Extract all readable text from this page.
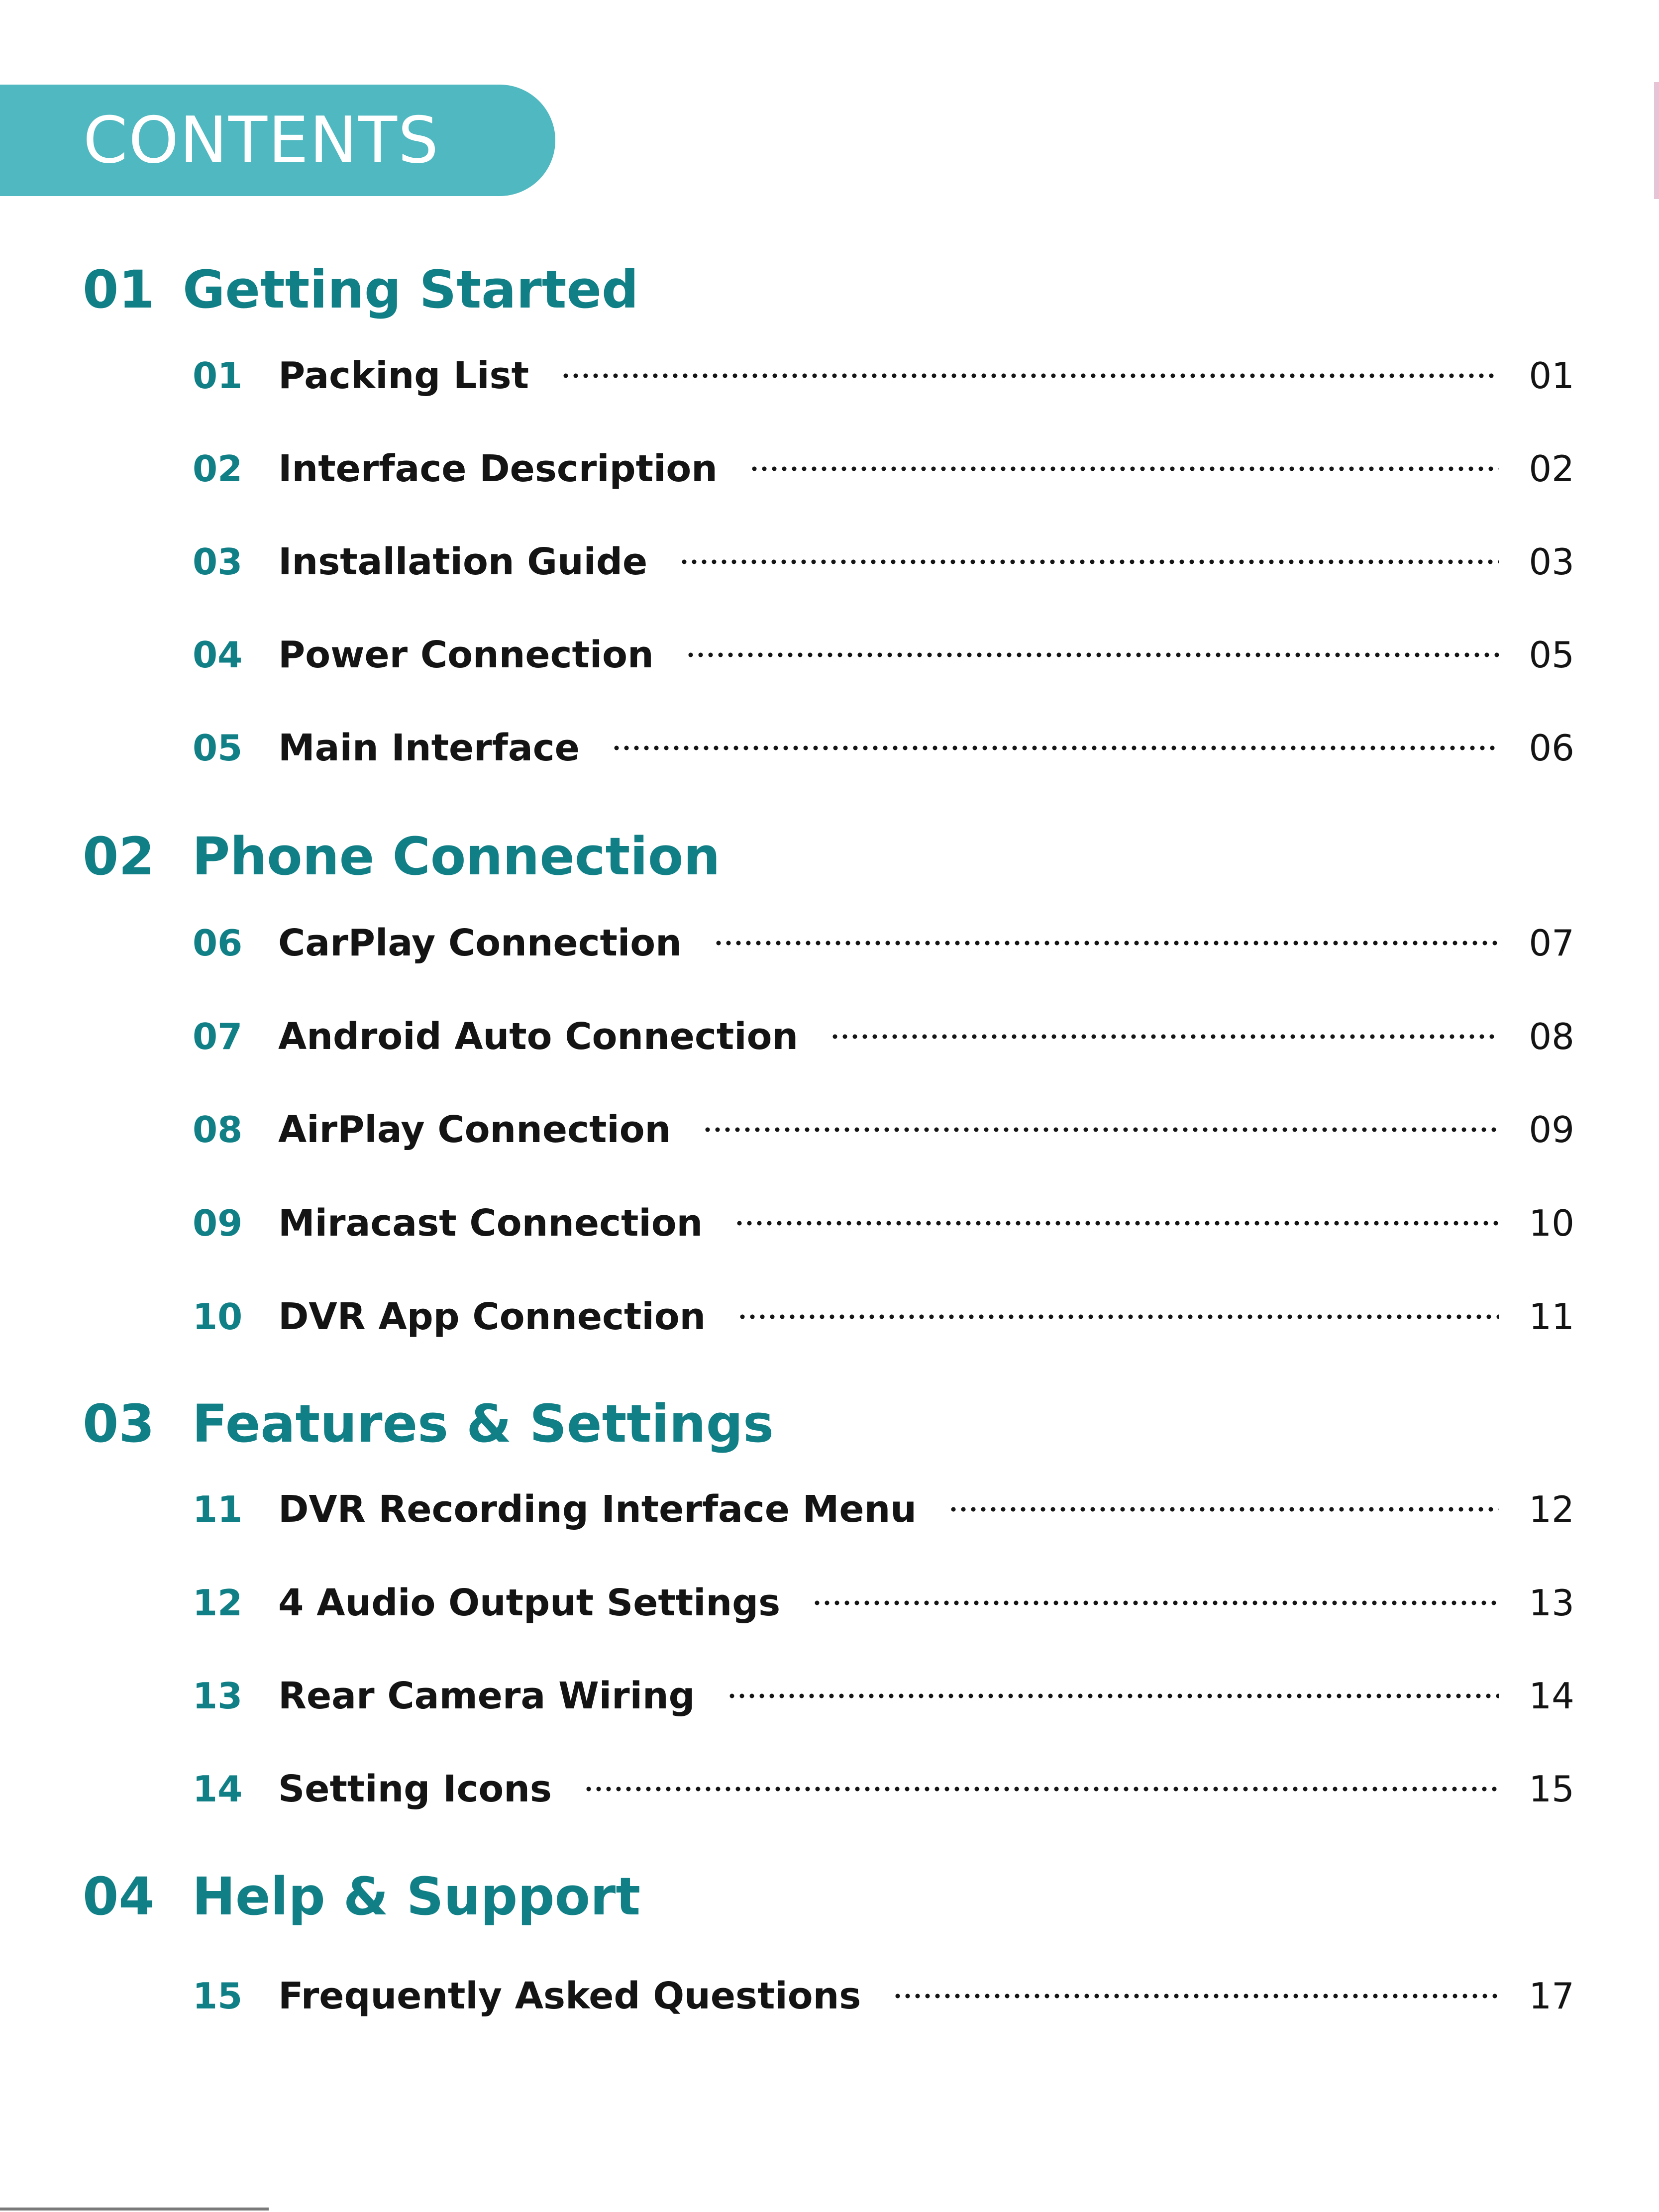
CONTENTS
01 Getting Started
01 Packing List	01
02 Interface Description	02
03 Installation Guide	03
04 Power Connection	05
05 Main Interface	06
02 Phone Connection
06 CarPlay Connection	07
07 Android Auto Connection	08
08 AirPlay Connection	09
09 Miracast Connection	10
10 DVR App Connection	11
03 Features & Settings
11 DVR Recording Interface Menu	12
12 4 Audio Output Settings	13
13 Rear Camera Wiring	14
14 Setting Icons	15
04 Help & Support
15 Frequently Asked Questions	17
